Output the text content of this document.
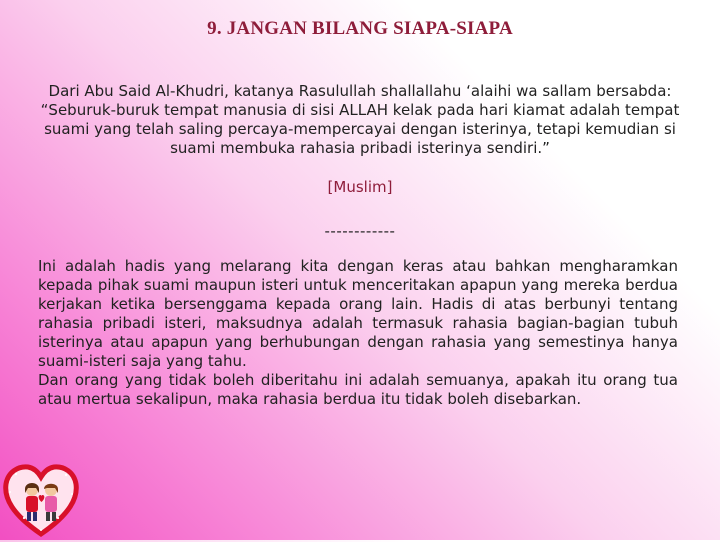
9. JANGAN BILANG SIAPA-SIAPA
Dari Abu Said Al-Khudri, katanya Rasulullah shallallahu ‘alaihi wa sallam bersabda: “Seburuk-buruk tempat manusia di sisi ALLAH kelak pada hari kiamat adalah tempat suami yang telah saling percaya-mempercayai dengan isterinya, tetapi kemudian si suami membuka rahasia pribadi isterinya sendiri.”
[Muslim]
------------

Ini adalah hadis yang melarang kita dengan keras atau bahkan mengharamkan kepada pihak suami maupun isteri untuk menceritakan apapun yang mereka berdua kerjakan ketika bersenggama kepada orang lain. Hadis di atas berbunyi tentang rahasia pribadi isteri, maksudnya adalah termasuk rahasia bagian-bagian tubuh isterinya atau apapun yang berhubungan dengan rahasia yang semestinya hanya suami-isteri saja yang tahu.

Dan orang yang tidak boleh diberitahu ini adalah semuanya, apakah itu orang tua atau mertua sekalipun, maka rahasia berdua itu tidak boleh disebarkan.
